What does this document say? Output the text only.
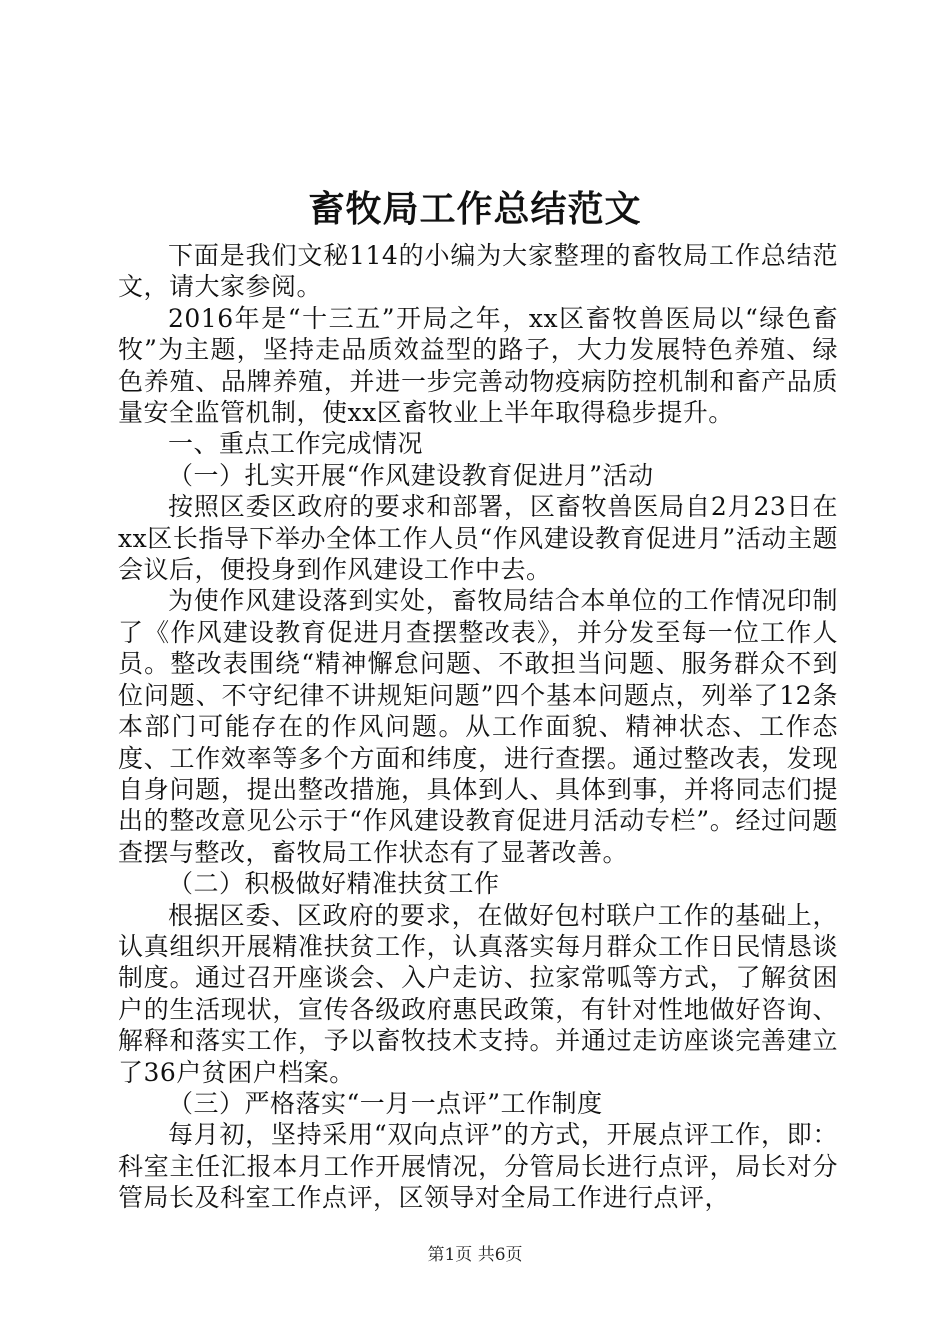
畜牧局工作总结范文

下面是我们文秘114的小编为大家整理的畜牧局工作总结范文，请大家参阅。

2016年是“十三五”开局之年，xx区畜牧兽医局以“绿色畜牧”为主题，坚持走品质效益型的路子，大力发展特色养殖、绿色养殖、品牌养殖，并进一步完善动物疫病防控机制和畜产品质量安全监管机制，使xx区畜牧业上半年取得稳步提升。

一、重点工作完成情况

（一）扎实开展“作风建设教育促进月”活动

按照区委区政府的要求和部署，区畜牧兽医局自2月23日在xx区长指导下举办全体工作人员“作风建设教育促进月”活动主题会议后，便投身到作风建设工作中去。

为使作风建设落到实处，畜牧局结合本单位的工作情况印制了《作风建设教育促进月查摆整改表》，并分发至每一位工作人员。整改表围绕“精神懈怠问题、不敢担当问题、服务群众不到位问题、不守纪律不讲规矩问题”四个基本问题点，列举了12条本部门可能存在的作风问题。从工作面貌、精神状态、工作态度、工作效率等多个方面和纬度，进行查摆。通过整改表，发现自身问题，提出整改措施，具体到人、具体到事，并将同志们提出的整改意见公示于“作风建设教育促进月活动专栏”。经过问题查摆与整改，畜牧局工作状态有了显著改善。

（二）积极做好精准扶贫工作

根据区委、区政府的要求，在做好包村联户工作的基础上，认真组织开展精准扶贫工作，认真落实每月群众工作日民情恳谈制度。通过召开座谈会、入户走访、拉家常呱等方式，了解贫困户的生活现状，宣传各级政府惠民政策，有针对性地做好咨询、解释和落实工作，予以畜牧技术支持。并通过走访座谈完善建立了36户贫困户档案。

（三）严格落实“一月一点评”工作制度

每月初，坚持采用“双向点评”的方式，开展点评工作，即：科室主任汇报本月工作开展情况，分管局长进行点评，局长对分管局长及科室工作点评，区领导对全局工作进行点评，

第1页 共6页
